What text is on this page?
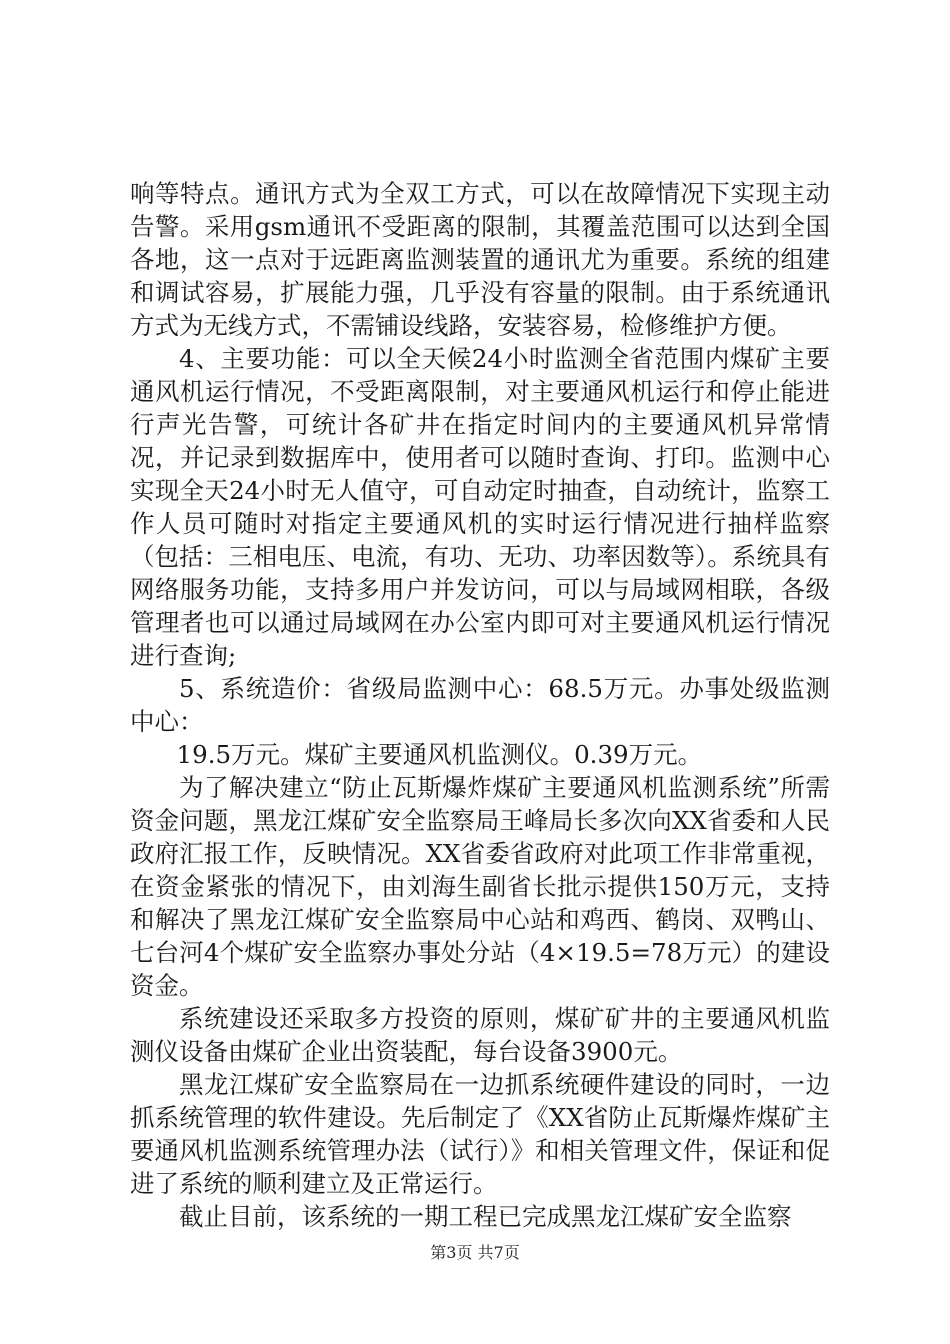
响等特点。通讯方式为全双工方式，可以在故障情况下实现主动告警。采用gsm通讯不受距离的限制，其覆盖范围可以达到全国各地，这一点对于远距离监测装置的通讯尤为重要。系统的组建和调试容易，扩展能力强，几乎没有容量的限制。由于系统通讯方式为无线方式，不需铺设线路，安装容易，检修维护方便。

4、主要功能：可以全天候24小时监测全省范围内煤矿主要通风机运行情况，不受距离限制，对主要通风机运行和停止能进行声光告警，可统计各矿井在指定时间内的主要通风机异常情况，并记录到数据库中，使用者可以随时查询、打印。监测中心实现全天24小时无人值守，可自动定时抽查，自动统计，监察工作人员可随时对指定主要通风机的实时运行情况进行抽样监察（包括：三相电压、电流，有功、无功、功率因数等）。系统具有网络服务功能，支持多用户并发访问，可以与局域网相联，各级管理者也可以通过局域网在办公室内即可对主要通风机运行情况进行查询;

5、系统造价：省级局监测中心：68.5万元。办事处级监测中心：

19.5万元。煤矿主要通风机监测仪。0.39万元。

为了解决建立“防止瓦斯爆炸煤矿主要通风机监测系统”所需资金问题，黑龙江煤矿安全监察局王峰局长多次向XX省委和人民政府汇报工作，反映情况。XX省委省政府对此项工作非常重视，在资金紧张的情况下，由刘海生副省长批示提供150万元，支持和解决了黑龙江煤矿安全监察局中心站和鸡西、鹤岗、双鸭山、七台河4个煤矿安全监察办事处分站（4×19.5=78万元）的建设资金。

系统建设还采取多方投资的原则，煤矿矿井的主要通风机监测仪设备由煤矿企业出资装配，每台设备3900元。

黑龙江煤矿安全监察局在一边抓系统硬件建设的同时，一边抓系统管理的软件建设。先后制定了《XX省防止瓦斯爆炸煤矿主要通风机监测系统管理办法（试行）》和相关管理文件，保证和促进了系统的顺利建立及正常运行。

截止目前，该系统的一期工程已完成黑龙江煤矿安全监察

第3页 共7页
